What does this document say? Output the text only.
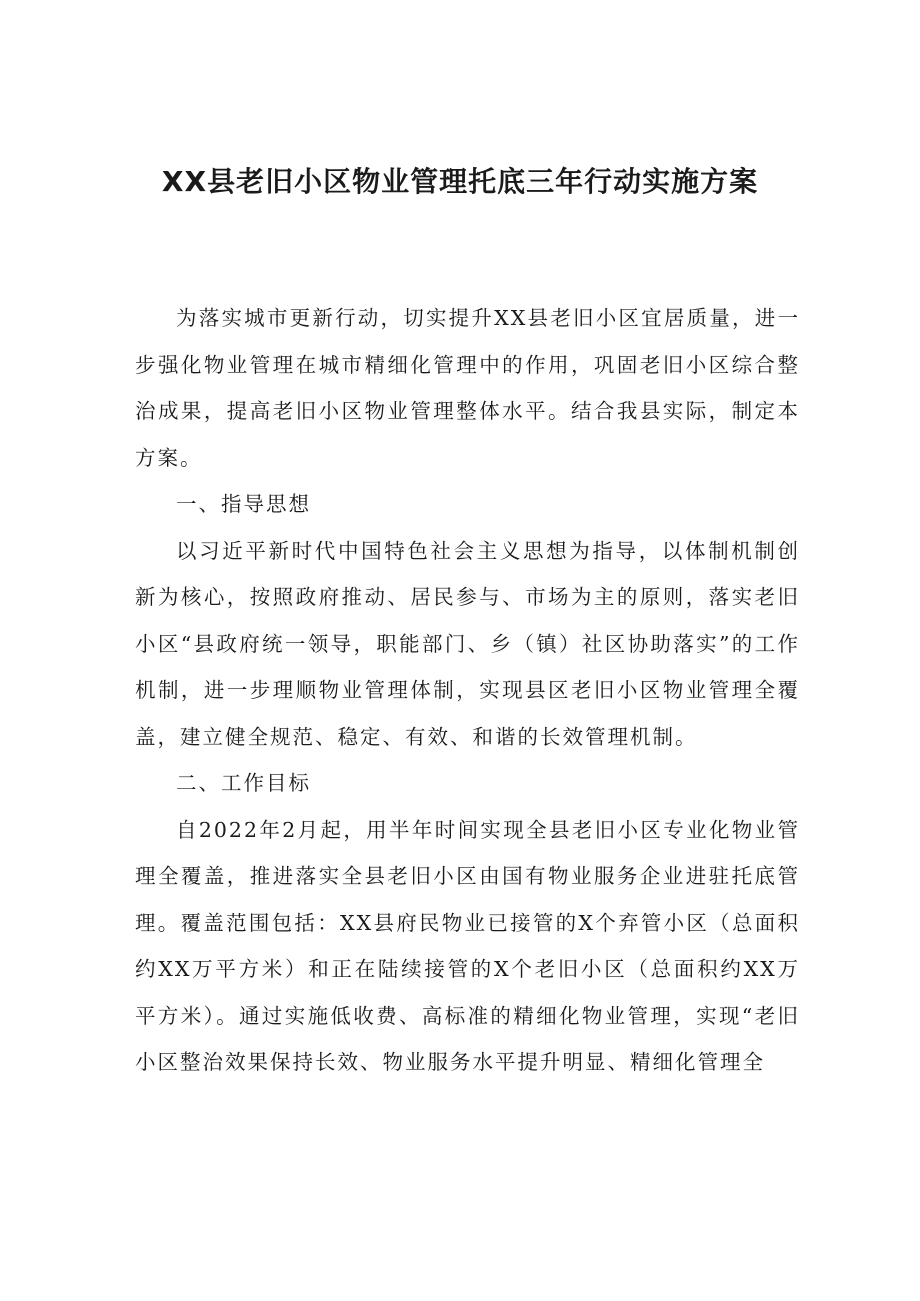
XX县老旧小区物业管理托底三年行动实施方案

为落实城市更新行动，切实提升XX县老旧小区宜居质量，进一步强化物业管理在城市精细化管理中的作用，巩固老旧小区综合整治成果，提高老旧小区物业管理整体水平。结合我县实际，制定本方案。

一、指导思想

以习近平新时代中国特色社会主义思想为指导，以体制机制创新为核心，按照政府推动、居民参与、市场为主的原则，落实老旧小区“县政府统一领导，职能部门、乡（镇）社区协助落实”的工作机制，进一步理顺物业管理体制，实现县区老旧小区物业管理全覆盖，建立健全规范、稳定、有效、和谐的长效管理机制。

二、工作目标

自2022年2月起，用半年时间实现全县老旧小区专业化物业管理全覆盖，推进落实全县老旧小区由国有物业服务企业进驻托底管理。覆盖范围包括：XX县府民物业已接管的X个弃管小区（总面积约XX万平方米）和正在陆续接管的X个老旧小区（总面积约XX万平方米）。通过实施低收费、高标准的精细化物业管理，实现“老旧小区整治效果保持长效、物业服务水平提升明显、精细化管理全
